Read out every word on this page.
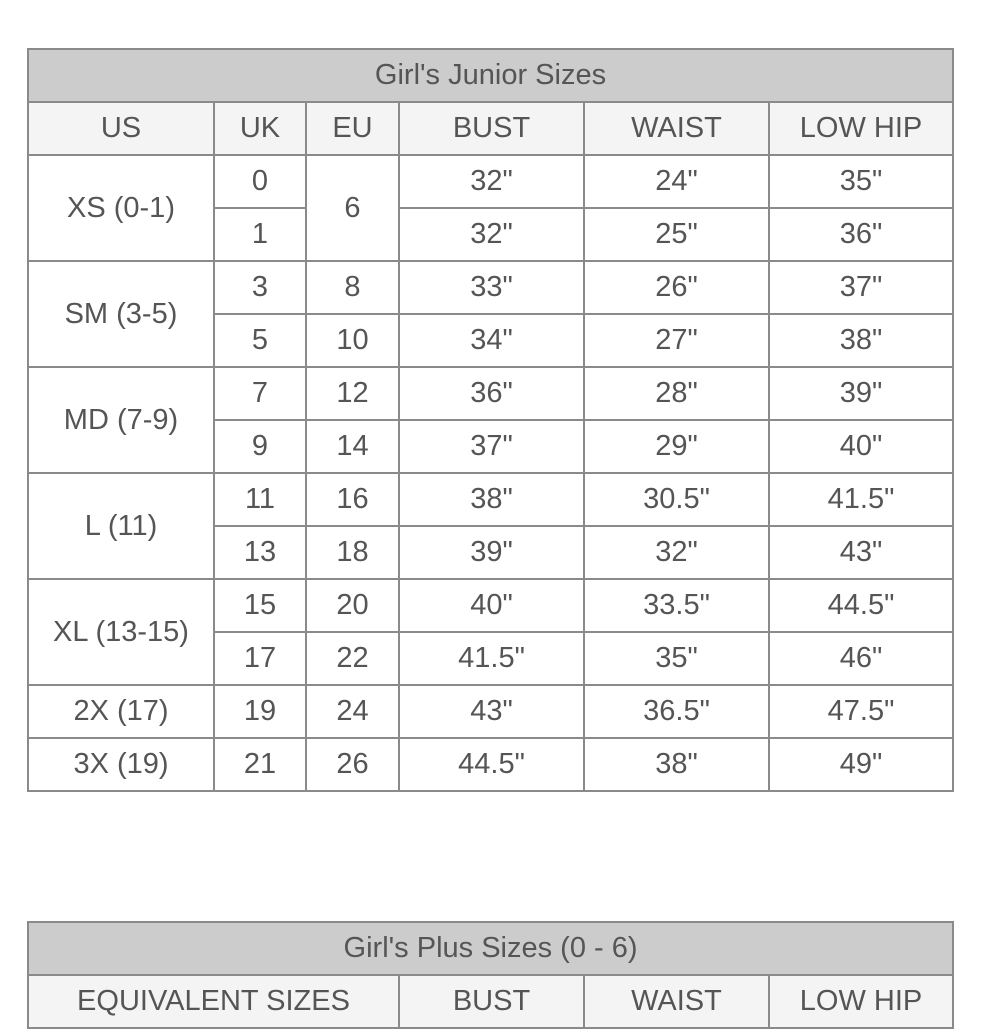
Girl's Junior Sizes					
US	UK	EU	BUST	WAIST	LOW HIP
XS (0-1)	0	6	32"	24"	35"
	1		32"	25"	36"
SM (3-5)	3	8	33"	26"	37"
	5	10	34"	27"	38"
MD (7-9)	7	12	36"	28"	39"
	9	14	37"	29"	40"
L (11)	11	16	38"	30.5"	41.5"
	13	18	39"	32"	43"
XL (13-15)	15	20	40"	33.5"	44.5"
	17	22	41.5"	35"	46"
2X (17)	19	24	43"	36.5"	47.5"
3X (19)	21	26	44.5"	38"	49"
Girl's Plus Sizes (0 - 6)
EQUIVALENT SIZES	BUST	WAIST	LOW HIP
